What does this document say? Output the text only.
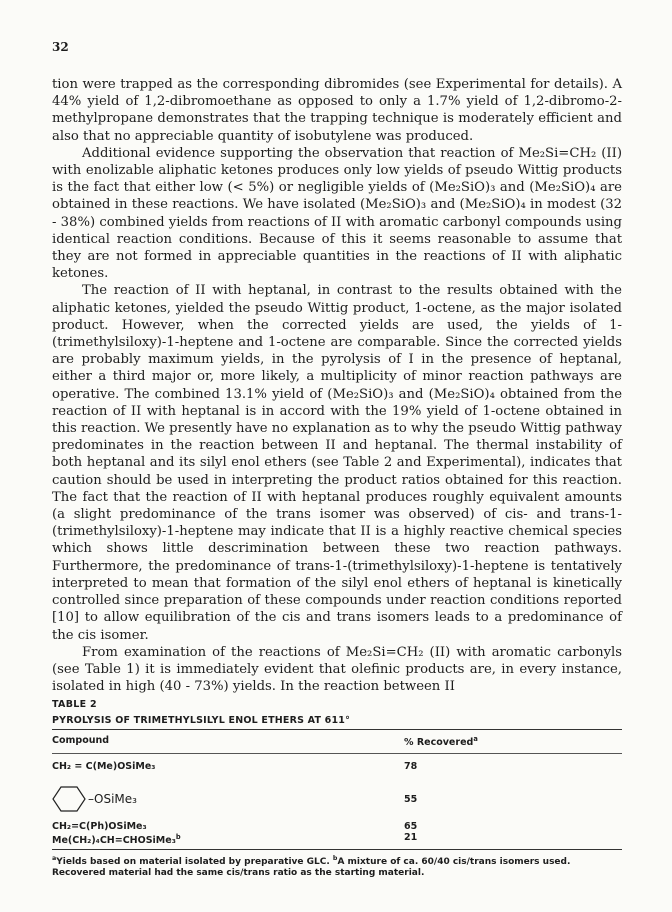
32

tion were trapped as the corresponding dibromides (see Experimental for details). A 44% yield of 1,2-dibromoethane as opposed to only a 1.7% yield of 1,2-dibromo-2-methylpropane demonstrates that the trapping technique is moderately efficient and also that no appreciable quantity of isobutylene was produced.

Additional evidence supporting the observation that reaction of Me₂Si=CH₂ (II) with enolizable aliphatic ketones produces only low yields of pseudo Wittig products is the fact that either low (< 5%) or negligible yields of (Me₂SiO)₃ and (Me₂SiO)₄ are obtained in these reactions. We have isolated (Me₂SiO)₃ and (Me₂SiO)₄ in modest (32 - 38%) combined yields from reactions of II with aromatic carbonyl compounds using identical reaction conditions. Because of this it seems reasonable to assume that they are not formed in appreciable quantities in the reactions of II with aliphatic ketones.

The reaction of II with heptanal, in contrast to the results obtained with the aliphatic ketones, yielded the pseudo Wittig product, 1-octene, as the major isolated product. However, when the corrected yields are used, the yields of 1-(trimethylsiloxy)-1-heptene and 1-octene are comparable. Since the corrected yields are probably maximum yields, in the pyrolysis of I in the presence of heptanal, either a third major or, more likely, a multiplicity of minor reaction pathways are operative. The combined 13.1% yield of (Me₂SiO)₃ and (Me₂SiO)₄ obtained from the reaction of II with heptanal is in accord with the 19% yield of 1-octene obtained in this reaction. We presently have no explanation as to why the pseudo Wittig pathway predominates in the reaction between II and heptanal. The thermal instability of both heptanal and its silyl enol ethers (see Table 2 and Experimental), indicates that caution should be used in interpreting the product ratios obtained for this reaction. The fact that the reaction of II with heptanal produces roughly equivalent amounts (a slight predominance of the trans isomer was observed) of cis- and trans-1-(trimethylsiloxy)-1-heptene may indicate that II is a highly reactive chemical species which shows little descrimination between these two reaction pathways. Furthermore, the predominance of trans-1-(trimethylsiloxy)-1-heptene is tentatively interpreted to mean that formation of the silyl enol ethers of heptanal is kinetically controlled since preparation of these compounds under reaction conditions reported [10] to allow equilibration of the cis and trans isomers leads to a predominance of the cis isomer.

From examination of the reactions of Me₂Si=CH₂ (II) with aromatic carbonyls (see Table 1) it is immediately evident that olefinic products are, in every instance, isolated in high (40 - 73%) yields. In the reaction between II

TABLE 2
PYROLYSIS OF TRIMETHYLSILYL ENOL ETHERS AT 611°
Compound	% Recovered$^a$
CH₂ = C(Me)OSiMe₃	78
–OSiMe₃	55
CH₂=C(Ph)OSiMe₃	65
Me(CH₂)₄CH=CHOSiMe₃$^b$	21
$^a$Yields based on material isolated by preparative GLC. $^b$A mixture of ca. 60/40 cis/trans isomers used. Recovered material had the same cis/trans ratio as the starting material.
